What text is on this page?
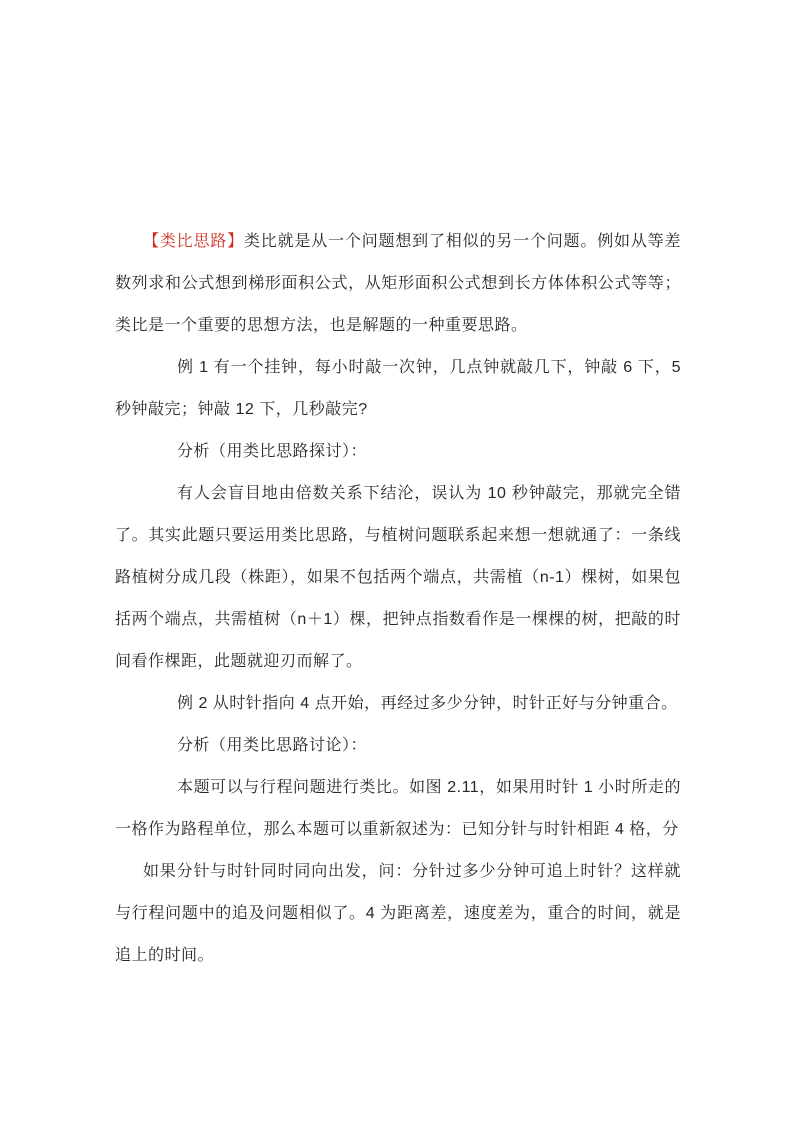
【类比思路】类比就是从一个问题想到了相似的另一个问题。例如从等差数列求和公式想到梯形面积公式，从矩形面积公式想到长方体体积公式等等；类比是一个重要的思想方法，也是解题的一种重要思路。

例 1 有一个挂钟，每小时敲一次钟，几点钟就敲几下，钟敲 6 下，5 秒钟敲完；钟敲 12 下，几秒敲完?

分析（用类比思路探讨）：

有人会盲目地由倍数关系下结沦，误认为 10 秒钟敲完，那就完全错了。其实此题只要运用类比思路，与植树问题联系起来想一想就通了：一条线路植树分成几段（株距），如果不包括两个端点，共需植（n-1）棵树，如果包括两个端点，共需植树（n＋1）棵，把钟点指数看作是一棵棵的树，把敲的时间看作棵距，此题就迎刃而解了。

例 2 从时针指向 4 点开始，再经过多少分钟，时针正好与分钟重合。

分析（用类比思路讨论）：

本题可以与行程问题进行类比。如图 2.11，如果用时针 1 小时所走的一格作为路程单位，那么本题可以重新叙述为：已知分针与时针相距 4 格，分

如果分针与时针同时同向出发，问：分针过多少分钟可追上时针？这样就与行程问题中的追及问题相似了。4 为距离差，速度差为，重合的时间，就是追上的时间。
